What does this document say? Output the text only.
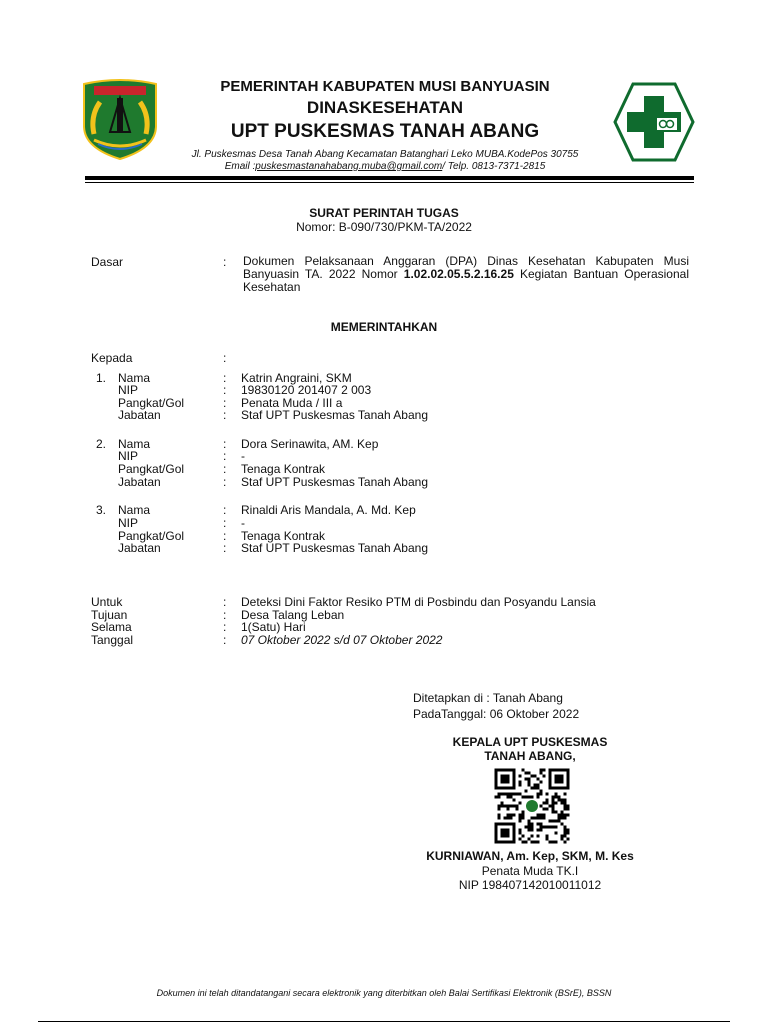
PEMERINTAH KABUPATEN MUSI BANYUASIN
DINASKESEHATAN
UPT PUSKESMAS TANAH ABANG
Jl. Puskesmas Desa Tanah Abang Kecamatan Batanghari Leko MUBA.KodePos 30755
Email :puskesmastanahabang.muba@gmail.com/ Telp. 0813-7371-2815
SURAT PERINTAH TUGAS
Nomor: B-090/730/PKM-TA/2022
Dasar	: Dokumen Pelaksanaan Anggaran (DPA) Dinas Kesehatan Kabupaten Musi Banyuasin TA. 2022 Nomor 1.02.02.05.5.2.16.25 Kegiatan Bantuan Operasional Kesehatan
MEMERINTAHKAN
Kepada	:
1. Nama	: Katrin Angraini, SKM
NIP	: 19830120 201407 2 003
Pangkat/Gol	: Penata Muda / III a
Jabatan	: Staf UPT Puskesmas Tanah Abang
2. Nama	: Dora Serinawita, AM. Kep
NIP	: -
Pangkat/Gol	: Tenaga Kontrak
Jabatan	: Staf UPT Puskesmas Tanah Abang
3. Nama	: Rinaldi Aris Mandala, A. Md. Kep
NIP	: -
Pangkat/Gol	: Tenaga Kontrak
Jabatan	: Staf UPT Puskesmas Tanah Abang
Untuk	: Deteksi Dini Faktor Resiko PTM di Posbindu dan Posyandu Lansia
Tujuan	: Desa Talang Leban
Selama	: 1(Satu) Hari
Tanggal	: 07 Oktober 2022 s/d 07 Oktober 2022
Ditetapkan di : Tanah Abang
PadaTanggal: 06 Oktober 2022
KEPALA UPT PUSKESMAS
TANAH ABANG,
KURNIAWAN, Am. Kep, SKM, M. Kes
Penata Muda TK.I
NIP 198407142010011012
Dokumen ini telah ditandatangani secara elektronik yang diterbitkan oleh Balai Sertifikasi Elektronik (BSrE), BSSN
